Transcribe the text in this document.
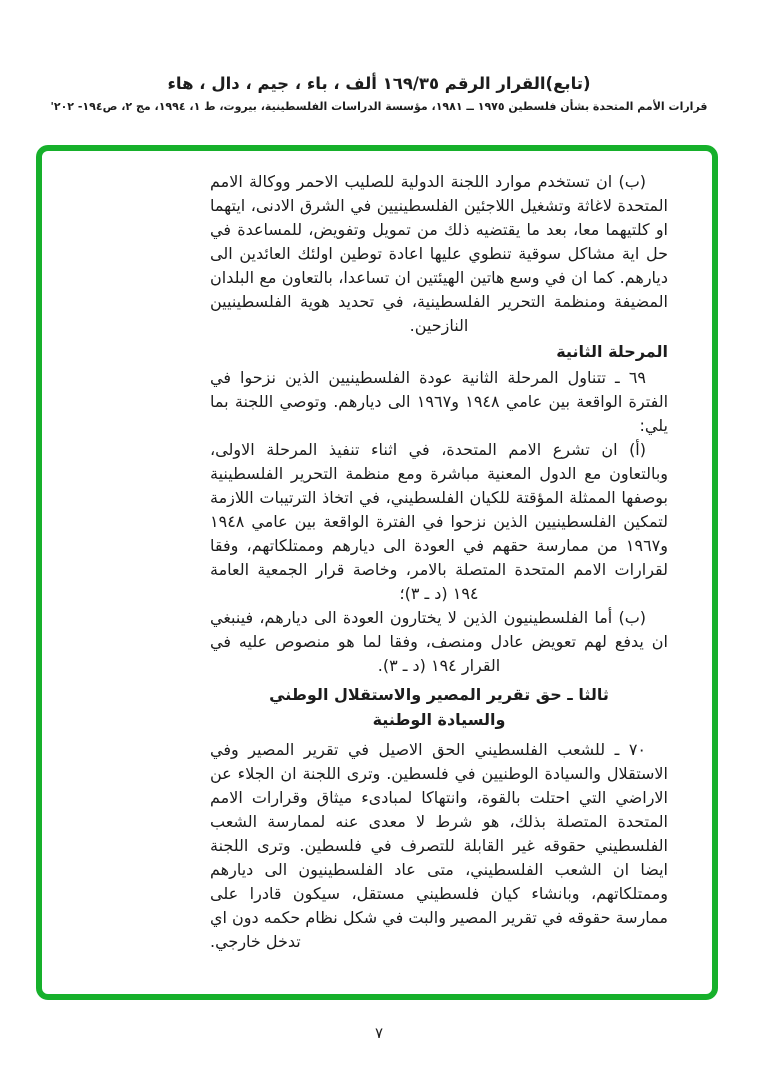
(تابع)القرار الرقم ١٦٩/٣٥ ألف ، باء ، جيم ، دال ، هاء
قرارات الأمم المتحدة بشأن فلسطين ١٩٧٥ ــ ١٩٨١، مؤسسة الدراسات الفلسطينية، بيروت، ط ١، ١٩٩٤، مج ٢، ص١٩٤- ٢٠٢'

(ب) ان تستخدم موارد اللجنة الدولية للصليب الاحمر ووكالة الامم المتحدة لاغاثة وتشغيل اللاجئين الفلسطينيين في الشرق الادنى، ايتهما او كلتيهما معا، بعد ما يقتضيه ذلك من تمويل وتفويض، للمساعدة في حل اية مشاكل سوقية تنطوي عليها اعادة توطين اولئك العائدين الى ديارهم. كما ان في وسع هاتين الهيئتين ان تساعدا، بالتعاون مع البلدان المضيفة ومنظمة التحرير الفلسطينية، في تحديد هوية الفلسطينيين النازحين.

المرحلة الثانية

٦٩ ـ تتناول المرحلة الثانية عودة الفلسطينيين الذين نزحوا في الفترة الواقعة بين عامي ١٩٤٨ و١٩٦٧ الى ديارهم. وتوصي اللجنة بما يلي:

(أ) ان تشرع الامم المتحدة، في اثناء تنفيذ المرحلة الاولى، وبالتعاون مع الدول المعنية مباشرة ومع منظمة التحرير الفلسطينية بوصفها الممثلة المؤقتة للكيان الفلسطيني، في اتخاذ الترتيبات اللازمة لتمكين الفلسطينيين الذين نزحوا في الفترة الواقعة بين عامي ١٩٤٨ و١٩٦٧ من ممارسة حقهم في العودة الى ديارهم وممتلكاتهم، وفقا لقرارات الامم المتحدة المتصلة بالامر، وخاصة قرار الجمعية العامة ١٩٤ (د ـ ٣)؛

(ب) أما الفلسطينيون الذين لا يختارون العودة الى ديارهم، فينبغي ان يدفع لهم تعويض عادل ومنصف، وفقا لما هو منصوص عليه في القرار ١٩٤ (د ـ ٣).

ثالثا ـ حق تقرير المصير والاستقلال الوطني
والسيادة الوطنية

٧٠ ـ للشعب الفلسطيني الحق الاصيل في تقرير المصير وفي الاستقلال والسيادة الوطنيين في فلسطين. وترى اللجنة ان الجلاء عن الاراضي التي احتلت بالقوة، وانتهاكا لمبادىء ميثاق وقرارات الامم المتحدة المتصلة بذلك، هو شرط لا معدى عنه لممارسة الشعب الفلسطيني حقوقه غير القابلة للتصرف في فلسطين. وترى اللجنة ايضا ان الشعب الفلسطيني، متى عاد الفلسطينيون الى ديارهم وممتلكاتهم، وبانشاء كيان فلسطيني مستقل، سيكون قادرا على ممارسة حقوقه في تقرير المصير والبت في شكل نظام حكمه دون اي تدخل خارجي.

٧
